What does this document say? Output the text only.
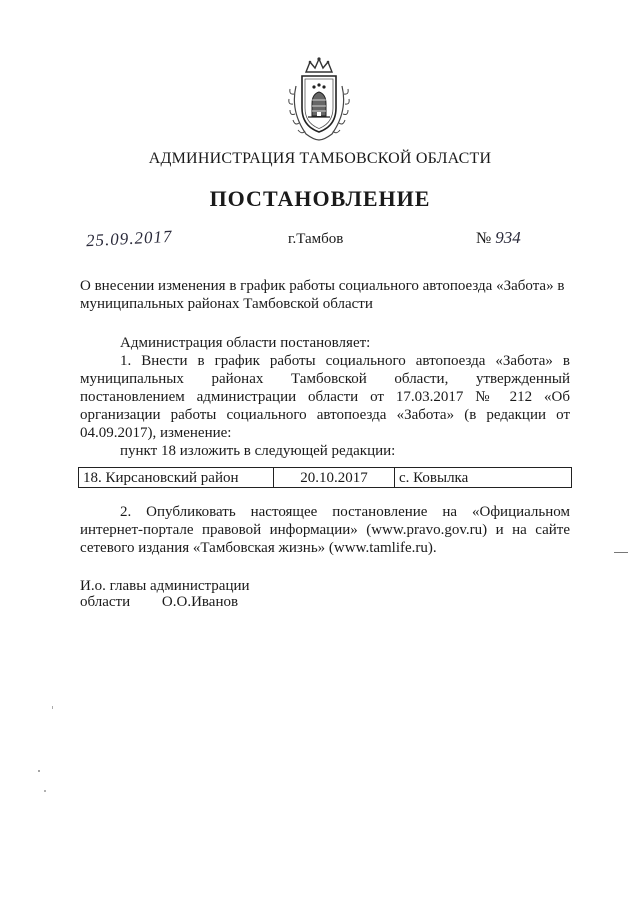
АДМИНИСТРАЦИЯ ТАМБОВСКОЙ ОБЛАСТИ
ПОСТАНОВЛЕНИЕ
25.09.2017	г.Тамбов	№ 934
О внесении изменения в график работы социального автопоезда «Забота» в муниципальных районах Тамбовской области
Администрация области постановляет:
1. Внести в график работы социального автопоезда «Забота» в муниципальных районах Тамбовской области, утвержденный постановлением администрации области от 17.03.2017 № 212 «Об организации работы социального автопоезда «Забота» (в редакции от 04.09.2017), изменение:
пункт 18 изложить в следующей редакции:
18. Кирсановский район	20.10.2017	с. Ковылка
2. Опубликовать настоящее постановление на «Официальном интернет-портале правовой информации» (www.pravo.gov.ru) и на сайте сетевого издания «Тамбовская жизнь» (www.tamlife.ru).
И.о. главы администрации
области О.О.Иванов
